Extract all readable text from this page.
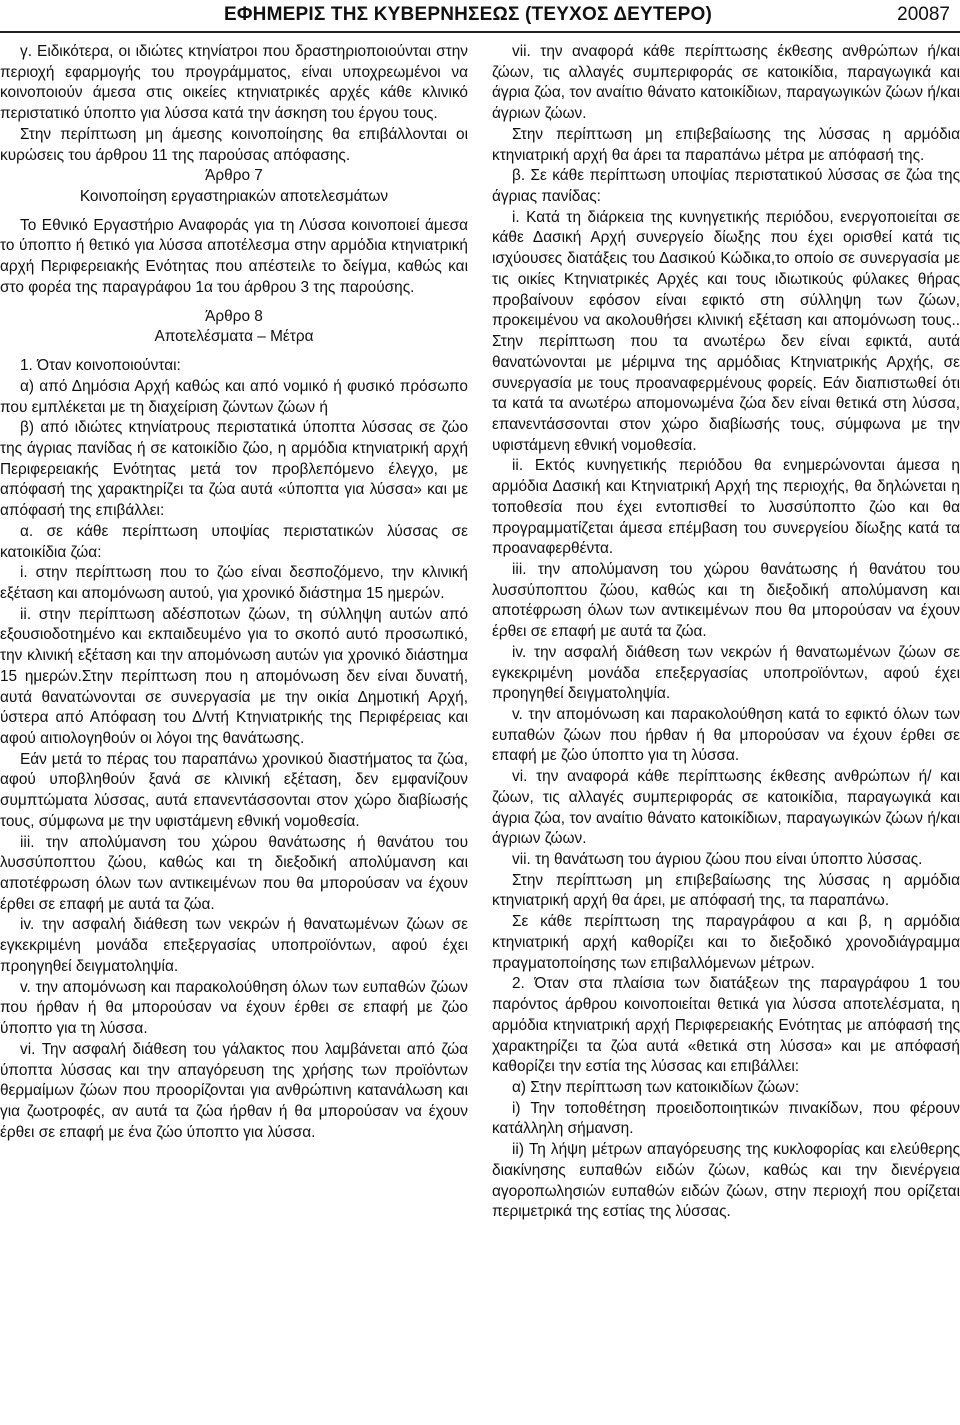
ΕΦΗΜΕΡΙΣ ΤΗΣ ΚΥΒΕΡΝΗΣΕΩΣ (ΤΕΥΧΟΣ ΔΕΥΤΕΡΟ)	20087

γ. Ειδικότερα, οι ιδιώτες κτηνίατροι που δραστηριοποιούνται στην περιοχή εφαρμογής του προγράμματος, είναι υποχρεωμένοι να κοινοποιούν άμεσα στις οικείες κτηνιατρικές αρχές κάθε κλινικό περιστατικό ύποπτο για λύσσα κατά την άσκηση του έργου τους.

Στην περίπτωση μη άμεσης κοινοποίησης θα επιβάλλονται οι κυρώσεις του άρθρου 11 της παρούσας απόφασης.

Άρθρο 7

Κοινοποίηση εργαστηριακών αποτελεσμάτων

Το Εθνικό Εργαστήριο Αναφοράς για τη Λύσσα κοινοποιεί άμεσα το ύποπτο ή θετικό για λύσσα αποτέλεσμα στην αρμόδια κτηνιατρική αρχή Περιφερειακής Ενότητας που απέστειλε το δείγμα, καθώς και στο φορέα της παραγράφου 1α του άρθρου 3 της παρούσης.

Άρθρο 8

Αποτελέσματα – Μέτρα

1. Όταν κοινοποιούνται:

α) από Δημόσια Αρχή καθώς και από νομικό ή φυσικό πρόσωπο που εμπλέκεται με τη διαχείριση ζώντων ζώων ή

β) από ιδιώτες κτηνίατρους περιστατικά ύποπτα λύσσας σε ζώο της άγριας πανίδας ή σε κατοικίδιο ζώο, η αρμόδια κτηνιατρική αρχή Περιφερειακής Ενότητας μετά τον προβλεπόμενο έλεγχο, με απόφασή της χαρακτηρίζει τα ζώα αυτά «ύποπτα για λύσσα» και με απόφασή της επιβάλλει:

α. σε κάθε περίπτωση υποψίας περιστατικών λύσσας σε κατοικίδια ζώα:

i. στην περίπτωση που το ζώο είναι δεσποζόμενο, την κλινική εξέταση και απομόνωση αυτού, για χρονικό διάστημα 15 ημερών.

ii. στην περίπτωση αδέσποτων ζώων, τη σύλληψη αυτών από εξουσιοδοτημένο και εκπαιδευμένο για το σκοπό αυτό προσωπικό, την κλινική εξέταση και την απομόνωση αυτών για χρονικό διάστημα 15 ημερών.Στην περίπτωση που η απομόνωση δεν είναι δυνατή, αυτά θανατώνονται σε συνεργασία με την οικία Δημοτική Αρχή, ύστερα από Απόφαση του Δ/ντή Κτηνιατρικής της Περιφέρειας και αφού αιτιολογηθούν οι λόγοι της θανάτωσης.

Εάν μετά το πέρας του παραπάνω χρονικού διαστήματος τα ζώα, αφού υποβληθούν ξανά σε κλινική εξέταση, δεν εμφανίζουν συμπτώματα λύσσας, αυτά επανεντάσσονται στον χώρο διαβίωσής τους, σύμφωνα με την υφιστάμενη εθνική νομοθεσία.

iii. την απολύμανση του χώρου θανάτωσης ή θανάτου του λυσσύποπτου ζώου, καθώς και τη διεξοδική απολύμανση και αποτέφρωση όλων των αντικειμένων που θα μπορούσαν να έχουν έρθει σε επαφή με αυτά τα ζώα.

iv. την ασφαλή διάθεση των νεκρών ή θανατωμένων ζώων σε εγκεκριμένη μονάδα επεξεργασίας υποπροϊόντων, αφού έχει προηγηθεί δειγματοληψία.

v. την απομόνωση και παρακολούθηση όλων των ευπαθών ζώων που ήρθαν ή θα μπορούσαν να έχουν έρθει σε επαφή με ζώο ύποπτο για τη λύσσα.

vi. Την ασφαλή διάθεση του γάλακτος που λαμβάνεται από ζώα ύποπτα λύσσας και την απαγόρευση της χρήσης των προϊόντων θερμαίμων ζώων που προορίζονται για ανθρώπινη κατανάλωση και για ζωοτροφές, αν αυτά τα ζώα ήρθαν ή θα μπορούσαν να έχουν έρθει σε επαφή με ένα ζώο ύποπτο για λύσσα.

vii. την αναφορά κάθε περίπτωσης έκθεσης ανθρώπων ή/και ζώων, τις αλλαγές συμπεριφοράς σε κατοικίδια, παραγωγικά και άγρια ζώα, τον αναίτιο θάνατο κατοικίδιων, παραγωγικών ζώων ή/και άγριων ζώων.

Στην περίπτωση μη επιβεβαίωσης της λύσσας η αρμόδια κτηνιατρική αρχή θα άρει τα παραπάνω μέτρα με απόφασή της.

β. Σε κάθε περίπτωση υποψίας περιστατικού λύσσας σε ζώα της άγριας πανίδας:

i. Κατά τη διάρκεια της κυνηγετικής περιόδου, ενεργοποιείται σε κάθε Δασική Αρχή συνεργείο δίωξης που έχει ορισθεί κατά τις ισχύουσες διατάξεις του Δασικού Κώδικα,το οποίο σε συνεργασία με τις οικίες Κτηνιατρικές Αρχές και τους ιδιωτικούς φύλακες θήρας προβαίνουν εφόσον είναι εφικτό στη σύλληψη των ζώων, προκειμένου να ακολουθήσει κλινική εξέταση και απομόνωση τους.. Στην περίπτωση που τα ανωτέρω δεν είναι εφικτά, αυτά θανατώνονται με μέριμνα της αρμόδιας Κτηνιατρικής Αρχής, σε συνεργασία με τους προαναφερμένους φορείς. Εάν διαπιστωθεί ότι τα κατά τα ανωτέρω απομονωμένα ζώα δεν είναι θετικά στη λύσσα, επανεντάσσονται στον χώρο διαβίωσής τους, σύμφωνα με την υφιστάμενη εθνική νομοθεσία.

ii. Εκτός κυνηγετικής περιόδου θα ενημερώνονται άμεσα η αρμόδια Δασική και Κτηνιατρική Αρχή της περιοχής, θα δηλώνεται η τοποθεσία που έχει εντοπισθεί το λυσσύποπτο ζώο και θα προγραμματίζεται άμεσα επέμβαση του συνεργείου δίωξης κατά τα προαναφερθέντα.

iii. την απολύμανση του χώρου θανάτωσης ή θανάτου του λυσσύποπτου ζώου, καθώς και τη διεξοδική απολύμανση και αποτέφρωση όλων των αντικειμένων που θα μπορούσαν να έχουν έρθει σε επαφή με αυτά τα ζώα.

iv. την ασφαλή διάθεση των νεκρών ή θανατωμένων ζώων σε εγκεκριμένη μονάδα επεξεργασίας υποπροϊόντων, αφού έχει προηγηθεί δειγματοληψία.

v. την απομόνωση και παρακολούθηση κατά το εφικτό όλων των ευπαθών ζώων που ήρθαν ή θα μπορούσαν να έχουν έρθει σε επαφή με ζώο ύποπτο για τη λύσσα.

vi. την αναφορά κάθε περίπτωσης έκθεσης ανθρώπων ή/ και ζώων, τις αλλαγές συμπεριφοράς σε κατοικίδια, παραγωγικά και άγρια ζώα, τον αναίτιο θάνατο κατοικίδιων, παραγωγικών ζώων ή/και άγριων ζώων.

vii. τη θανάτωση του άγριου ζώου που είναι ύποπτο λύσσας.

Στην περίπτωση μη επιβεβαίωσης της λύσσας η αρμόδια κτηνιατρική αρχή θα άρει, με απόφασή της, τα παραπάνω.

Σε κάθε περίπτωση της παραγράφου α και β, η αρμόδια κτηνιατρική αρχή καθορίζει και το διεξοδικό χρονοδιάγραμμα πραγματοποίησης των επιβαλλόμενων μέτρων.

2. Όταν στα πλαίσια των διατάξεων της παραγράφου 1 του παρόντος άρθρου κοινοποιείται θετικά για λύσσα αποτελέσματα, η αρμόδια κτηνιατρική αρχή Περιφερειακής Ενότητας με απόφασή της χαρακτηρίζει τα ζώα αυτά «θετικά στη λύσσα» και με απόφασή καθορίζει την εστία της λύσσας και επιβάλλει:

α) Στην περίπτωση των κατοικιδίων ζώων:

i) Την τοποθέτηση προειδοποιητικών πινακίδων, που φέρουν κατάλληλη σήμανση.

ii) Τη λήψη μέτρων απαγόρευσης της κυκλοφορίας και ελεύθερης διακίνησης ευπαθών ειδών ζώων, καθώς και την διενέργεια αγοροπωλησιών ευπαθών ειδών ζώων, στην περιοχή που ορίζεται περιμετρικά της εστίας της λύσσας.
